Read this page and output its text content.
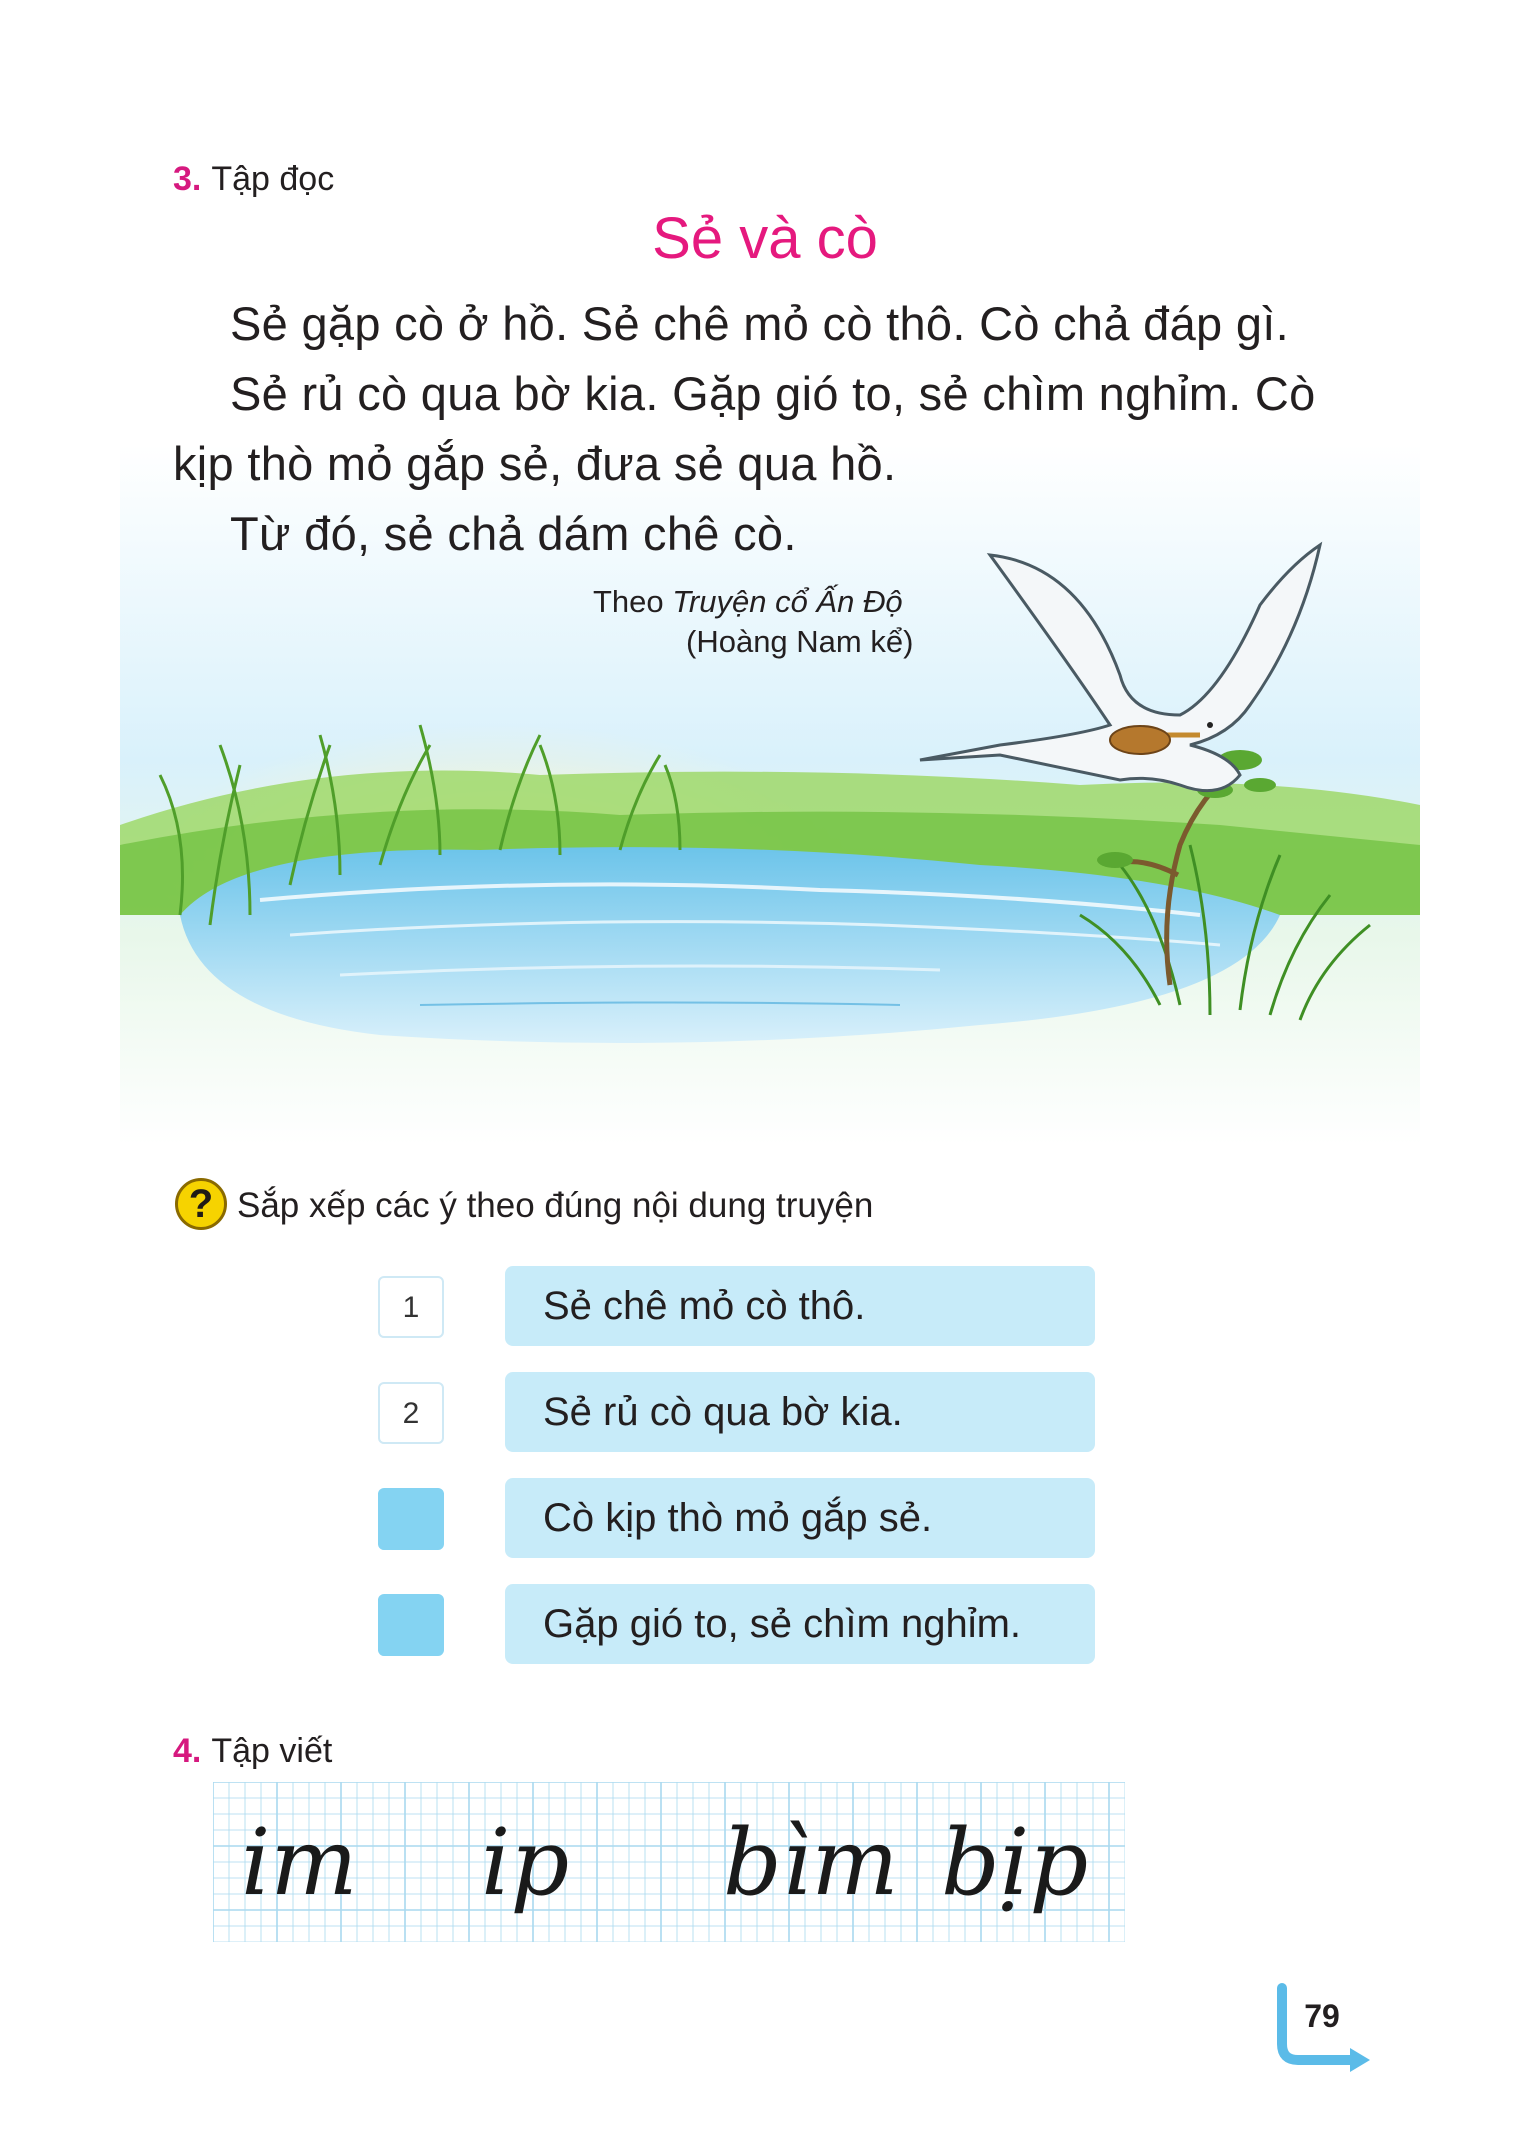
3. Tập đọc
Sẻ và cò
Sẻ gặp cò ở hồ. Sẻ chê mỏ cò thô. Cò chả đáp gì.
Sẻ rủ cò qua bờ kia. Gặp gió to, sẻ chìm nghỉm. Cò
kịp thò mỏ gắp sẻ, đưa sẻ qua hồ.
Từ đó, sẻ chả dám chê cò.
Theo Truyện cổ Ấn Độ
(Hoàng Nam kể)
? Sắp xếp các ý theo đúng nội dung truyện
1	Sẻ chê mỏ cò thô.
2	Sẻ rủ cò qua bờ kia.
Cò kịp thò mỏ gắp sẻ.
Gặp gió to, sẻ chìm nghỉm.
4. Tập viết
im ip bìm bịp
79
